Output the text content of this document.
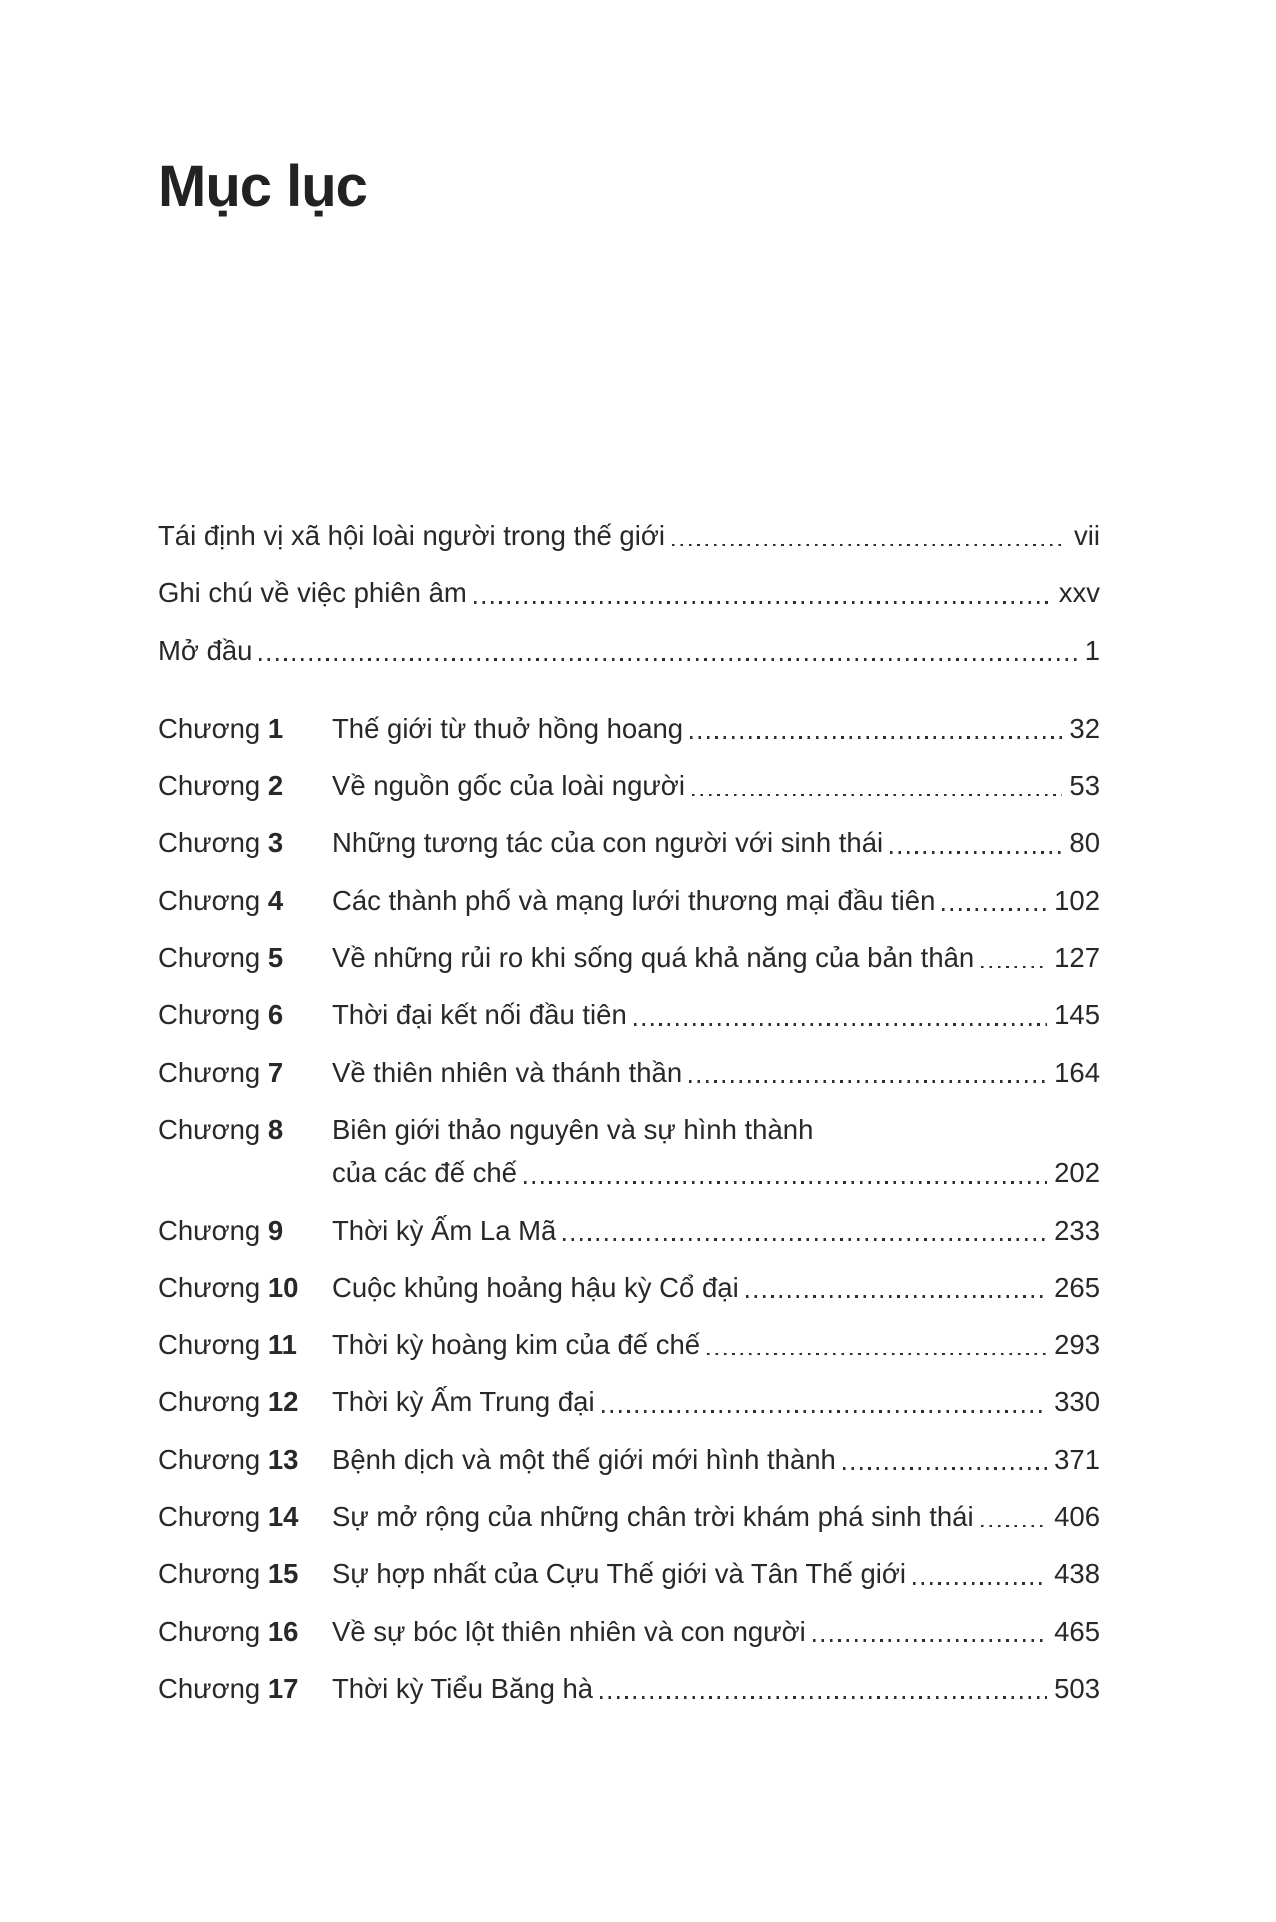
Mục lục
Tái định vị xã hội loài người trong thế giới	vii
Ghi chú về việc phiên âm	xxv
Mở đầu	1
Chương 1	Thế giới từ thuở hồng hoang	32
Chương 2	Về nguồn gốc của loài người	53
Chương 3	Những tương tác của con người với sinh thái	80
Chương 4	Các thành phố và mạng lưới thương mại đầu tiên	102
Chương 5	Về những rủi ro khi sống quá khả năng của bản thân	127
Chương 6	Thời đại kết nối đầu tiên	145
Chương 7	Về thiên nhiên và thánh thần	164
Chương 8	Biên giới thảo nguyên và sự hình thành
của các đế chế	202
Chương 9	Thời kỳ Ấm La Mã	233
Chương 10	Cuộc khủng hoảng hậu kỳ Cổ đại	265
Chương 11	Thời kỳ hoàng kim của đế chế	293
Chương 12	Thời kỳ Ấm Trung đại	330
Chương 13	Bệnh dịch và một thế giới mới hình thành	371
Chương 14	Sự mở rộng của những chân trời khám phá sinh thái	406
Chương 15	Sự hợp nhất của Cựu Thế giới và Tân Thế giới	438
Chương 16	Về sự bóc lột thiên nhiên và con người	465
Chương 17	Thời kỳ Tiểu Băng hà	503
